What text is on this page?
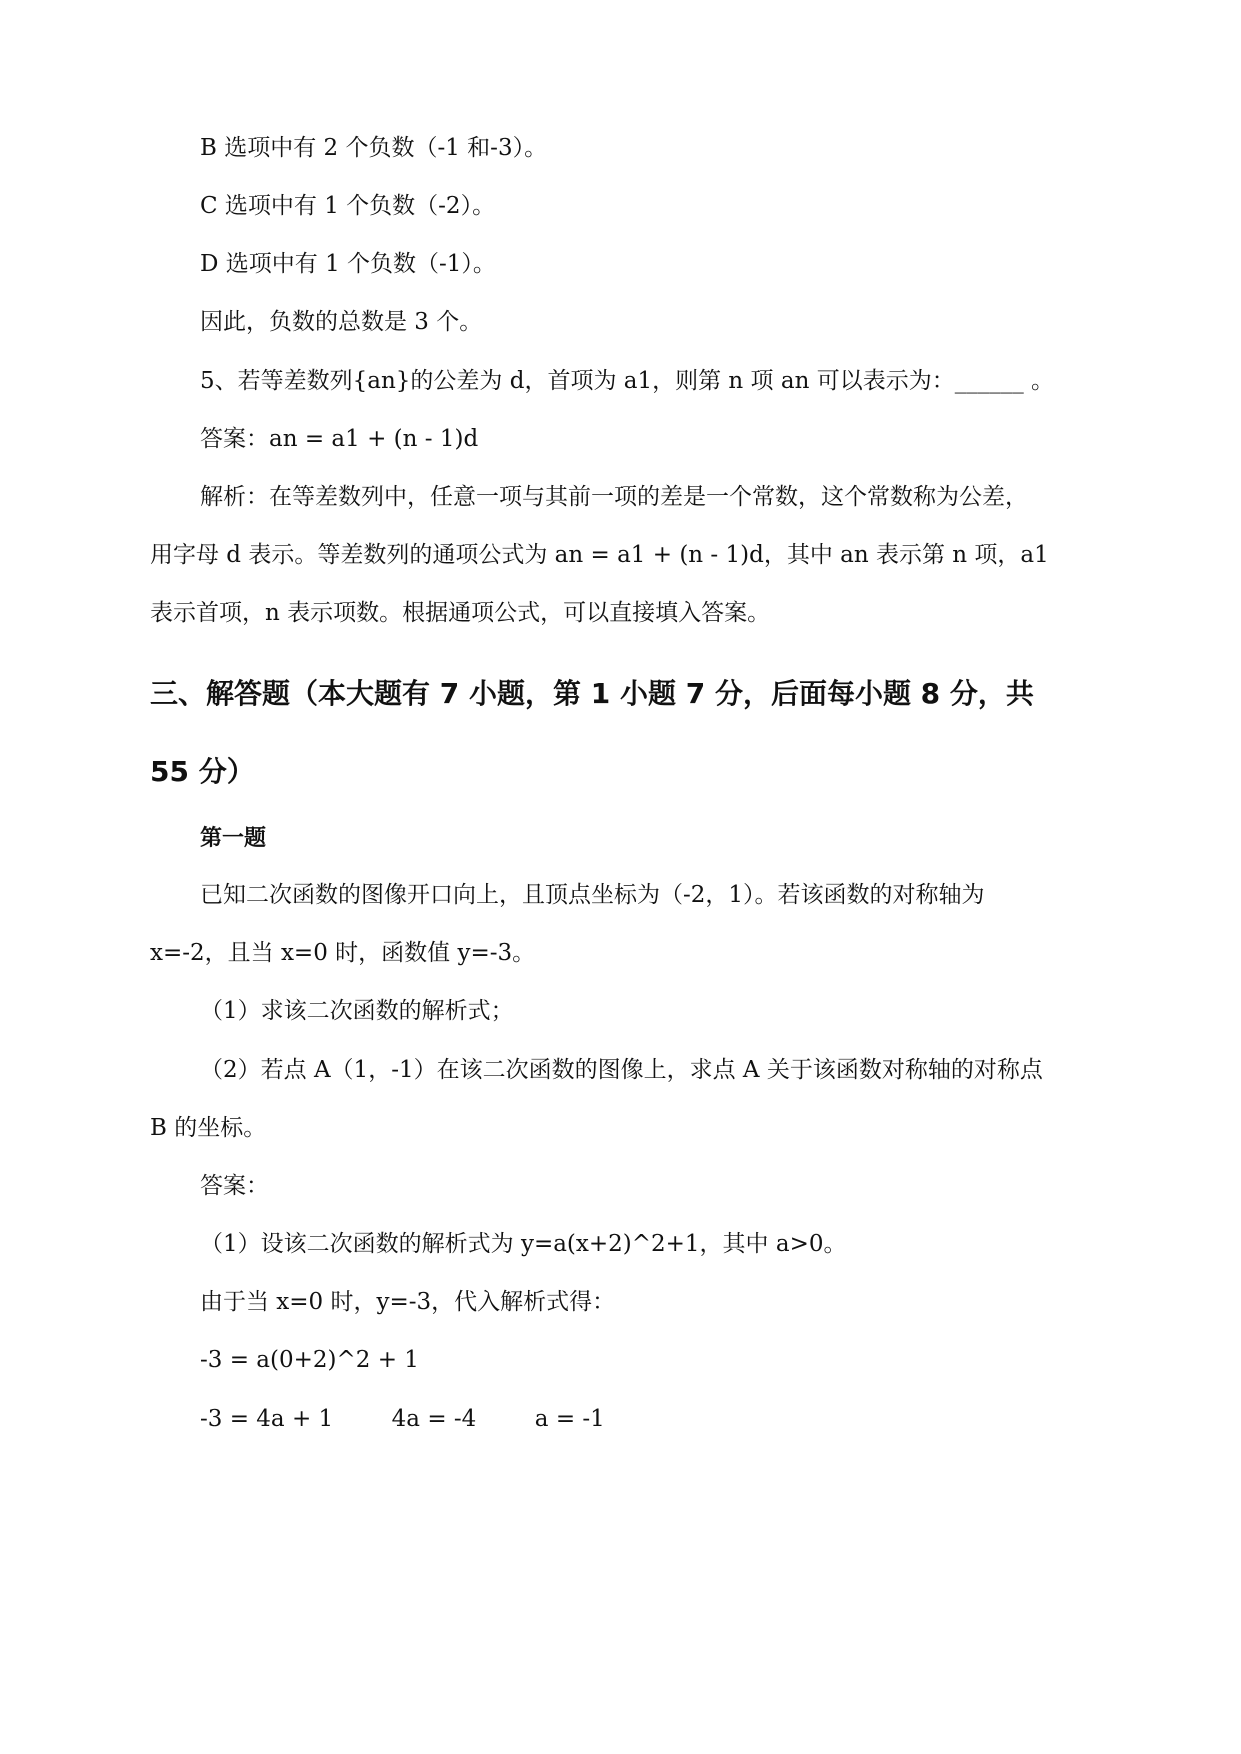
B 选项中有 2 个负数（-1 和-3）。
C 选项中有 1 个负数（-2）。
D 选项中有 1 个负数（-1）。
因此，负数的总数是 3 个。
5、若等差数列{an}的公差为 d，首项为 a1，则第 n 项 an 可以表示为：______ 。
答案：an = a1 + (n - 1)d
解析：在等差数列中，任意一项与其前一项的差是一个常数，这个常数称为公差，
用字母 d 表示。等差数列的通项公式为 an = a1 + (n - 1)d，其中 an 表示第 n 项，a1
表示首项，n 表示项数。根据通项公式，可以直接填入答案。
三、解答题（本大题有 7 小题，第 1 小题 7 分，后面每小题 8 分，共
55 分）
第一题
已知二次函数的图像开口向上，且顶点坐标为（-2，1）。若该函数的对称轴为
x=-2，且当 x=0 时，函数值 y=-3。
（1）求该二次函数的解析式；
（2）若点 A（1，-1）在该二次函数的图像上，求点 A 关于该函数对称轴的对称点
B 的坐标。
答案：
（1）设该二次函数的解析式为 y=a(x+2)^2+1，其中 a>0。
由于当 x=0 时，y=-3，代入解析式得：
-3 = a(0+2)^2 + 1
-3 = 4a + 1        4a = -4        a = -1
